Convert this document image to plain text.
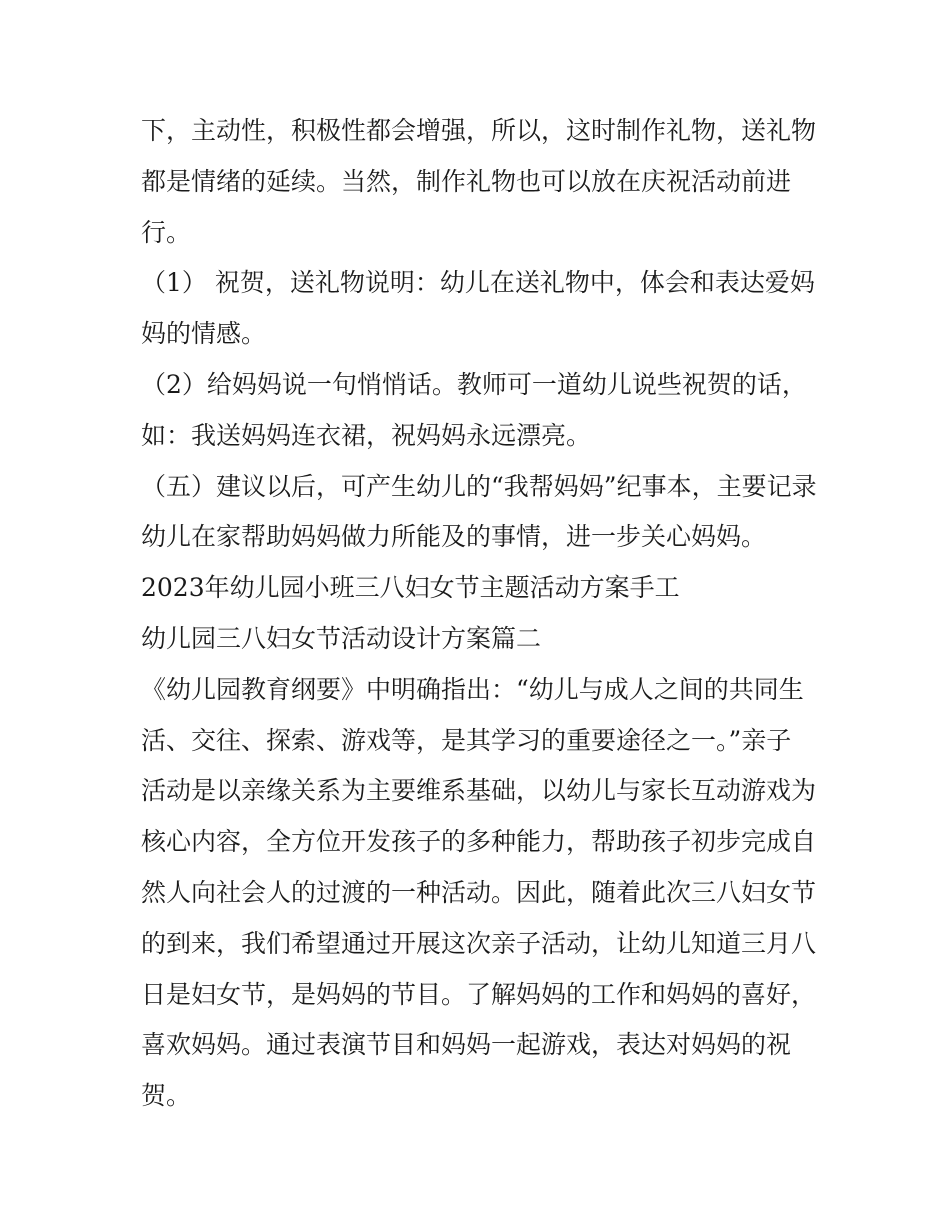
下，主动性，积极性都会增强，所以，这时制作礼物，送礼物
都是情绪的延续。当然，制作礼物也可以放在庆祝活动前进
行。
（1） 祝贺，送礼物说明：幼儿在送礼物中，体会和表达爱妈
妈的情感。
（2）给妈妈说一句悄悄话。教师可一道幼儿说些祝贺的话，
如：我送妈妈连衣裙，祝妈妈永远漂亮。
（五）建议以后，可产生幼儿的“我帮妈妈”纪事本，主要记录
幼儿在家帮助妈妈做力所能及的事情，进一步关心妈妈。
2023年幼儿园小班三八妇女节主题活动方案手工
幼儿园三八妇女节活动设计方案篇二
《幼儿园教育纲要》中明确指出：“幼儿与成人之间的共同生
活、交往、探索、游戏等，是其学习的重要途径之一。”亲子
活动是以亲缘关系为主要维系基础，以幼儿与家长互动游戏为
核心内容，全方位开发孩子的多种能力，帮助孩子初步完成自
然人向社会人的过渡的一种活动。因此，随着此次三八妇女节
的到来，我们希望通过开展这次亲子活动，让幼儿知道三月八
日是妇女节，是妈妈的节目。了解妈妈的工作和妈妈的喜好，
喜欢妈妈。通过表演节目和妈妈一起游戏，表达对妈妈的祝
贺。
